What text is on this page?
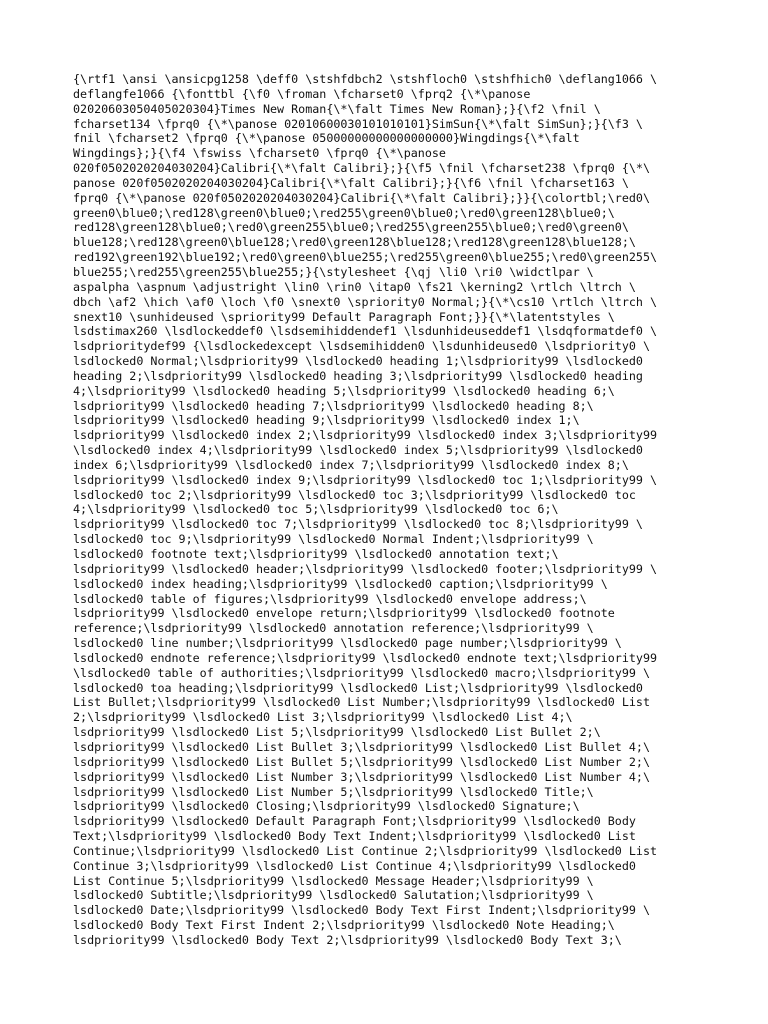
{\rtf1 \ansi \ansicpg1258 \deff0 \stshfdbch2 \stshfloch0 \stshfhich0 \deflang1066 \
deflangfe1066 {\fonttbl {\f0 \froman \fcharset0 \fprq2 {\*\panose
02020603050405020304}Times New Roman{\*\falt Times New Roman};}{\f2 \fnil \
fcharset134 \fprq0 {\*\panose 02010600030101010101}SimSun{\*\falt SimSun};}{\f3 \
fnil \fcharset2 \fprq0 {\*\panose 05000000000000000000}Wingdings{\*\falt
Wingdings};}{\f4 \fswiss \fcharset0 \fprq0 {\*\panose
020f0502020204030204}Calibri{\*\falt Calibri};}{\f5 \fnil \fcharset238 \fprq0 {\*\
panose 020f0502020204030204}Calibri{\*\falt Calibri};}{\f6 \fnil \fcharset163 \
fprq0 {\*\panose 020f0502020204030204}Calibri{\*\falt Calibri};}}{\colortbl;\red0\
green0\blue0;\red128\green0\blue0;\red255\green0\blue0;\red0\green128\blue0;\
red128\green128\blue0;\red0\green255\blue0;\red255\green255\blue0;\red0\green0\
blue128;\red128\green0\blue128;\red0\green128\blue128;\red128\green128\blue128;\
red192\green192\blue192;\red0\green0\blue255;\red255\green0\blue255;\red0\green255\
blue255;\red255\green255\blue255;}{\stylesheet {\qj \li0 \ri0 \widctlpar \
aspalpha \aspnum \adjustright \lin0 \rin0 \itap0 \fs21 \kerning2 \rtlch \ltrch \
dbch \af2 \hich \af0 \loch \f0 \snext0 \spriority0 Normal;}{\*\cs10 \rtlch \ltrch \
snext10 \sunhideused \spriority99 Default Paragraph Font;}}{\*\latentstyles \
lsdstimax260 \lsdlockeddef0 \lsdsemihiddendef1 \lsdunhideuseddef1 \lsdqformatdef0 \
lsdprioritydef99 {\lsdlockedexcept \lsdsemihidden0 \lsdunhideused0 \lsdpriority0 \
lsdlocked0 Normal;\lsdpriority99 \lsdlocked0 heading 1;\lsdpriority99 \lsdlocked0
heading 2;\lsdpriority99 \lsdlocked0 heading 3;\lsdpriority99 \lsdlocked0 heading
4;\lsdpriority99 \lsdlocked0 heading 5;\lsdpriority99 \lsdlocked0 heading 6;\
lsdpriority99 \lsdlocked0 heading 7;\lsdpriority99 \lsdlocked0 heading 8;\
lsdpriority99 \lsdlocked0 heading 9;\lsdpriority99 \lsdlocked0 index 1;\
lsdpriority99 \lsdlocked0 index 2;\lsdpriority99 \lsdlocked0 index 3;\lsdpriority99
\lsdlocked0 index 4;\lsdpriority99 \lsdlocked0 index 5;\lsdpriority99 \lsdlocked0
index 6;\lsdpriority99 \lsdlocked0 index 7;\lsdpriority99 \lsdlocked0 index 8;\
lsdpriority99 \lsdlocked0 index 9;\lsdpriority99 \lsdlocked0 toc 1;\lsdpriority99 \
lsdlocked0 toc 2;\lsdpriority99 \lsdlocked0 toc 3;\lsdpriority99 \lsdlocked0 toc
4;\lsdpriority99 \lsdlocked0 toc 5;\lsdpriority99 \lsdlocked0 toc 6;\
lsdpriority99 \lsdlocked0 toc 7;\lsdpriority99 \lsdlocked0 toc 8;\lsdpriority99 \
lsdlocked0 toc 9;\lsdpriority99 \lsdlocked0 Normal Indent;\lsdpriority99 \
lsdlocked0 footnote text;\lsdpriority99 \lsdlocked0 annotation text;\
lsdpriority99 \lsdlocked0 header;\lsdpriority99 \lsdlocked0 footer;\lsdpriority99 \
lsdlocked0 index heading;\lsdpriority99 \lsdlocked0 caption;\lsdpriority99 \
lsdlocked0 table of figures;\lsdpriority99 \lsdlocked0 envelope address;\
lsdpriority99 \lsdlocked0 envelope return;\lsdpriority99 \lsdlocked0 footnote
reference;\lsdpriority99 \lsdlocked0 annotation reference;\lsdpriority99 \
lsdlocked0 line number;\lsdpriority99 \lsdlocked0 page number;\lsdpriority99 \
lsdlocked0 endnote reference;\lsdpriority99 \lsdlocked0 endnote text;\lsdpriority99
\lsdlocked0 table of authorities;\lsdpriority99 \lsdlocked0 macro;\lsdpriority99 \
lsdlocked0 toa heading;\lsdpriority99 \lsdlocked0 List;\lsdpriority99 \lsdlocked0
List Bullet;\lsdpriority99 \lsdlocked0 List Number;\lsdpriority99 \lsdlocked0 List
2;\lsdpriority99 \lsdlocked0 List 3;\lsdpriority99 \lsdlocked0 List 4;\
lsdpriority99 \lsdlocked0 List 5;\lsdpriority99 \lsdlocked0 List Bullet 2;\
lsdpriority99 \lsdlocked0 List Bullet 3;\lsdpriority99 \lsdlocked0 List Bullet 4;\
lsdpriority99 \lsdlocked0 List Bullet 5;\lsdpriority99 \lsdlocked0 List Number 2;\
lsdpriority99 \lsdlocked0 List Number 3;\lsdpriority99 \lsdlocked0 List Number 4;\
lsdpriority99 \lsdlocked0 List Number 5;\lsdpriority99 \lsdlocked0 Title;\
lsdpriority99 \lsdlocked0 Closing;\lsdpriority99 \lsdlocked0 Signature;\
lsdpriority99 \lsdlocked0 Default Paragraph Font;\lsdpriority99 \lsdlocked0 Body
Text;\lsdpriority99 \lsdlocked0 Body Text Indent;\lsdpriority99 \lsdlocked0 List
Continue;\lsdpriority99 \lsdlocked0 List Continue 2;\lsdpriority99 \lsdlocked0 List
Continue 3;\lsdpriority99 \lsdlocked0 List Continue 4;\lsdpriority99 \lsdlocked0
List Continue 5;\lsdpriority99 \lsdlocked0 Message Header;\lsdpriority99 \
lsdlocked0 Subtitle;\lsdpriority99 \lsdlocked0 Salutation;\lsdpriority99 \
lsdlocked0 Date;\lsdpriority99 \lsdlocked0 Body Text First Indent;\lsdpriority99 \
lsdlocked0 Body Text First Indent 2;\lsdpriority99 \lsdlocked0 Note Heading;\
lsdpriority99 \lsdlocked0 Body Text 2;\lsdpriority99 \lsdlocked0 Body Text 3;\
